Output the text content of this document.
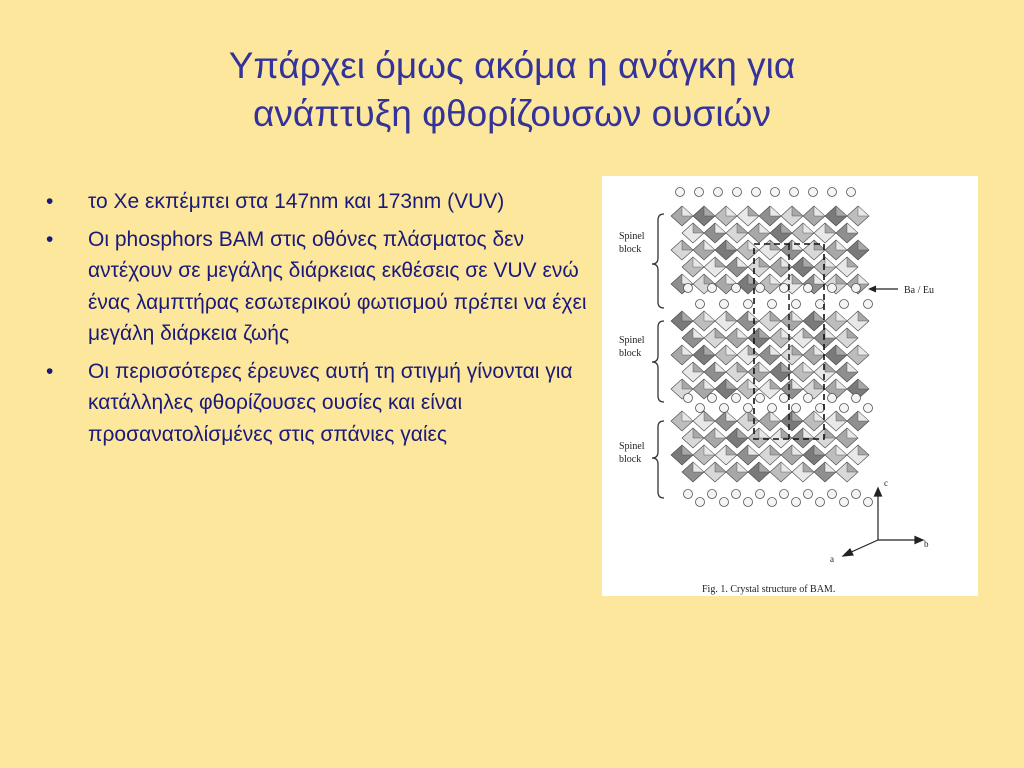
Υπάρχει όμως ακόμα η ανάγκη για
ανάπτυξη φθορίζουσων ουσιών
• το Xe εκπέμπει στα 147nm και 173nm (VUV)
• Οι phosphors BAM στις οθόνες πλάσματος δεν αντέχουν σε μεγάλης διάρκειας εκθέσεις σε VUV ενώ ένας λαμπτήρας εσωτερικού φωτισμού πρέπει να έχει μεγάλη διάρκεια ζωής
• Οι περισσότερες έρευνες αυτή τη στιγμή γίνονται για κατάλληλες φθορίζουσες ουσίες και είναι προσανατολίσμένες στις σπάνιες γαίες
Spinel
block
Spinel
block
Spinel
block
Ba / Eu
c
b
a
Fig. 1. Crystal structure of BAM.
